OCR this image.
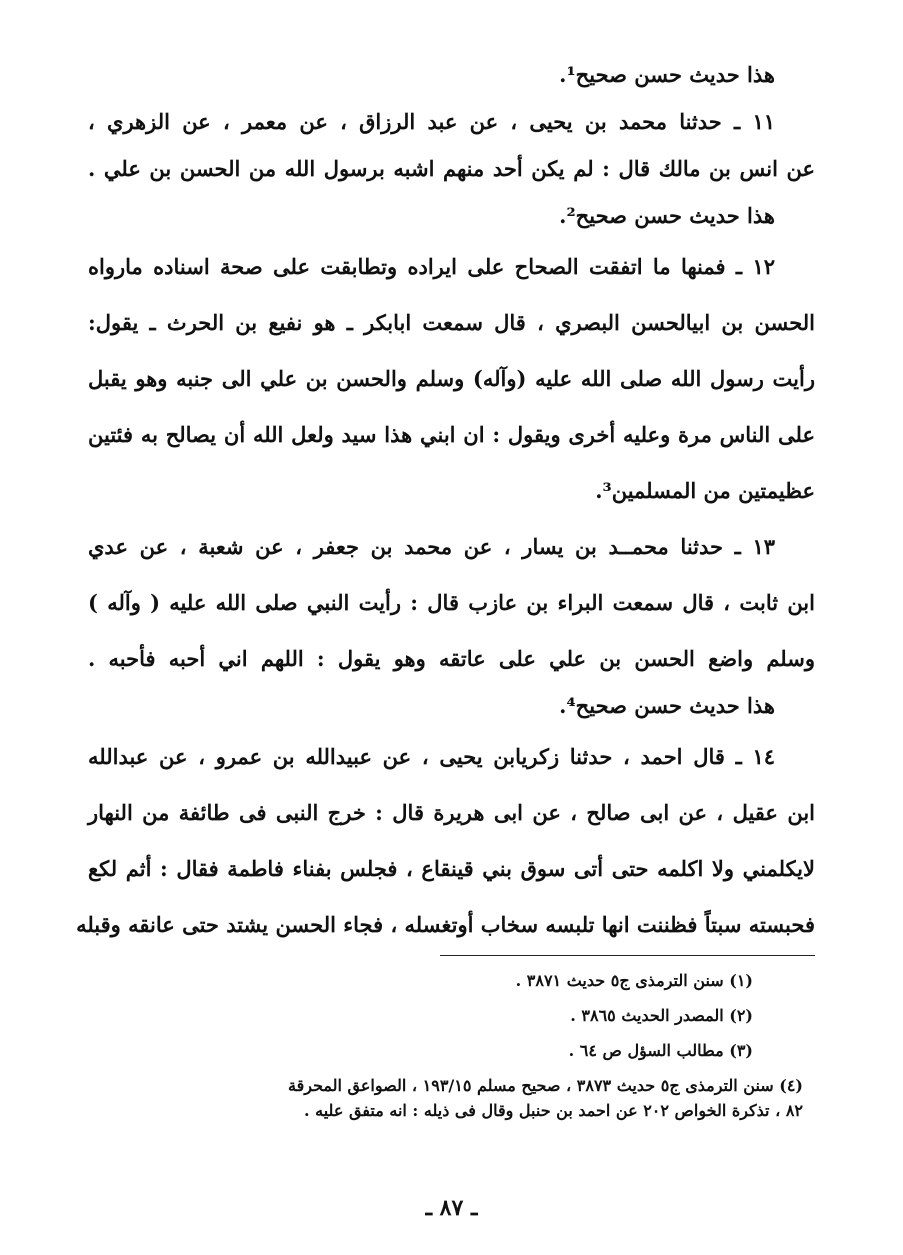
هذا حديث حسن صحيح¹.
١١ ـ حدثنا محمد بن يحيى ، عن عبد الرزاق ، عن معمر ، عن الزهري ،
عن انس بن مالك قال : لم يكن أحد منهم اشبه برسول الله من الحسن بن علي .
هذا حديث حسن صحيح².
١٢ ـ فمنها ما اتفقت الصحاح على ايراده وتطابقت على صحة اسناده مارواه
الحسن بن ابيالحسن البصري ، قال سمعت ابابكر ـ هو نفيع بن الحرث ـ يقول:
رأيت رسول الله صلى الله عليه (وآله) وسلم والحسن بن علي الى جنبه وهو يقبل
على الناس مرة وعليه أخرى ويقول : ان ابني هذا سيد ولعل الله أن يصالح به فئتين
عظيمتين من المسلمين³.
١٣ ـ حدثنا محمــد بن يسار ، عن محمد بن جعفر ، عن شعبة ، عن عدي
ابن ثابت ، قال سمعت البراء بن عازب قال : رأيت النبي صلى الله عليه ( وآله )
وسلم واضع الحسن بن علي على عاتقه وهو يقول : اللهم اني أحبه فأحبه .
هذا حديث حسن صحيح⁴.
١٤ ـ قال احمد ، حدثنا زكريابن يحيى ، عن عبيدالله بن عمرو ، عن عبدالله
ابن عقيل ، عن ابى صالح ، عن ابى هريرة قال : خرج النبى فى طائفة من النهار
لايكلمني ولا اكلمه حتى أتى سوق بني قينقاع ، فجلس بفناء فاطمة فقال : أثم لكع
فحبسته سبتاً فظننت انها تلبسه سخاب أوتغسله ، فجاء الحسن يشتد حتى عانقه وقبله
(١) سنن الترمذى ج٥ حديث ٣٨٧١ .
(٢) المصدر الحديث ٣٨٦٥ .
(٣) مطالب السؤل ص ٦٤ .
(٤) سنن الترمذى ج٥ حديث ٣٨٧٣ ، صحيح مسلم ١٩٣/١٥ ، الصواعق المحرقة
٨٢ ، تذكرة الخواص ٢٠٢ عن احمد بن حنبل وقال فى ذيله : انه متفق عليه .
ـ ٨٧ ـ
